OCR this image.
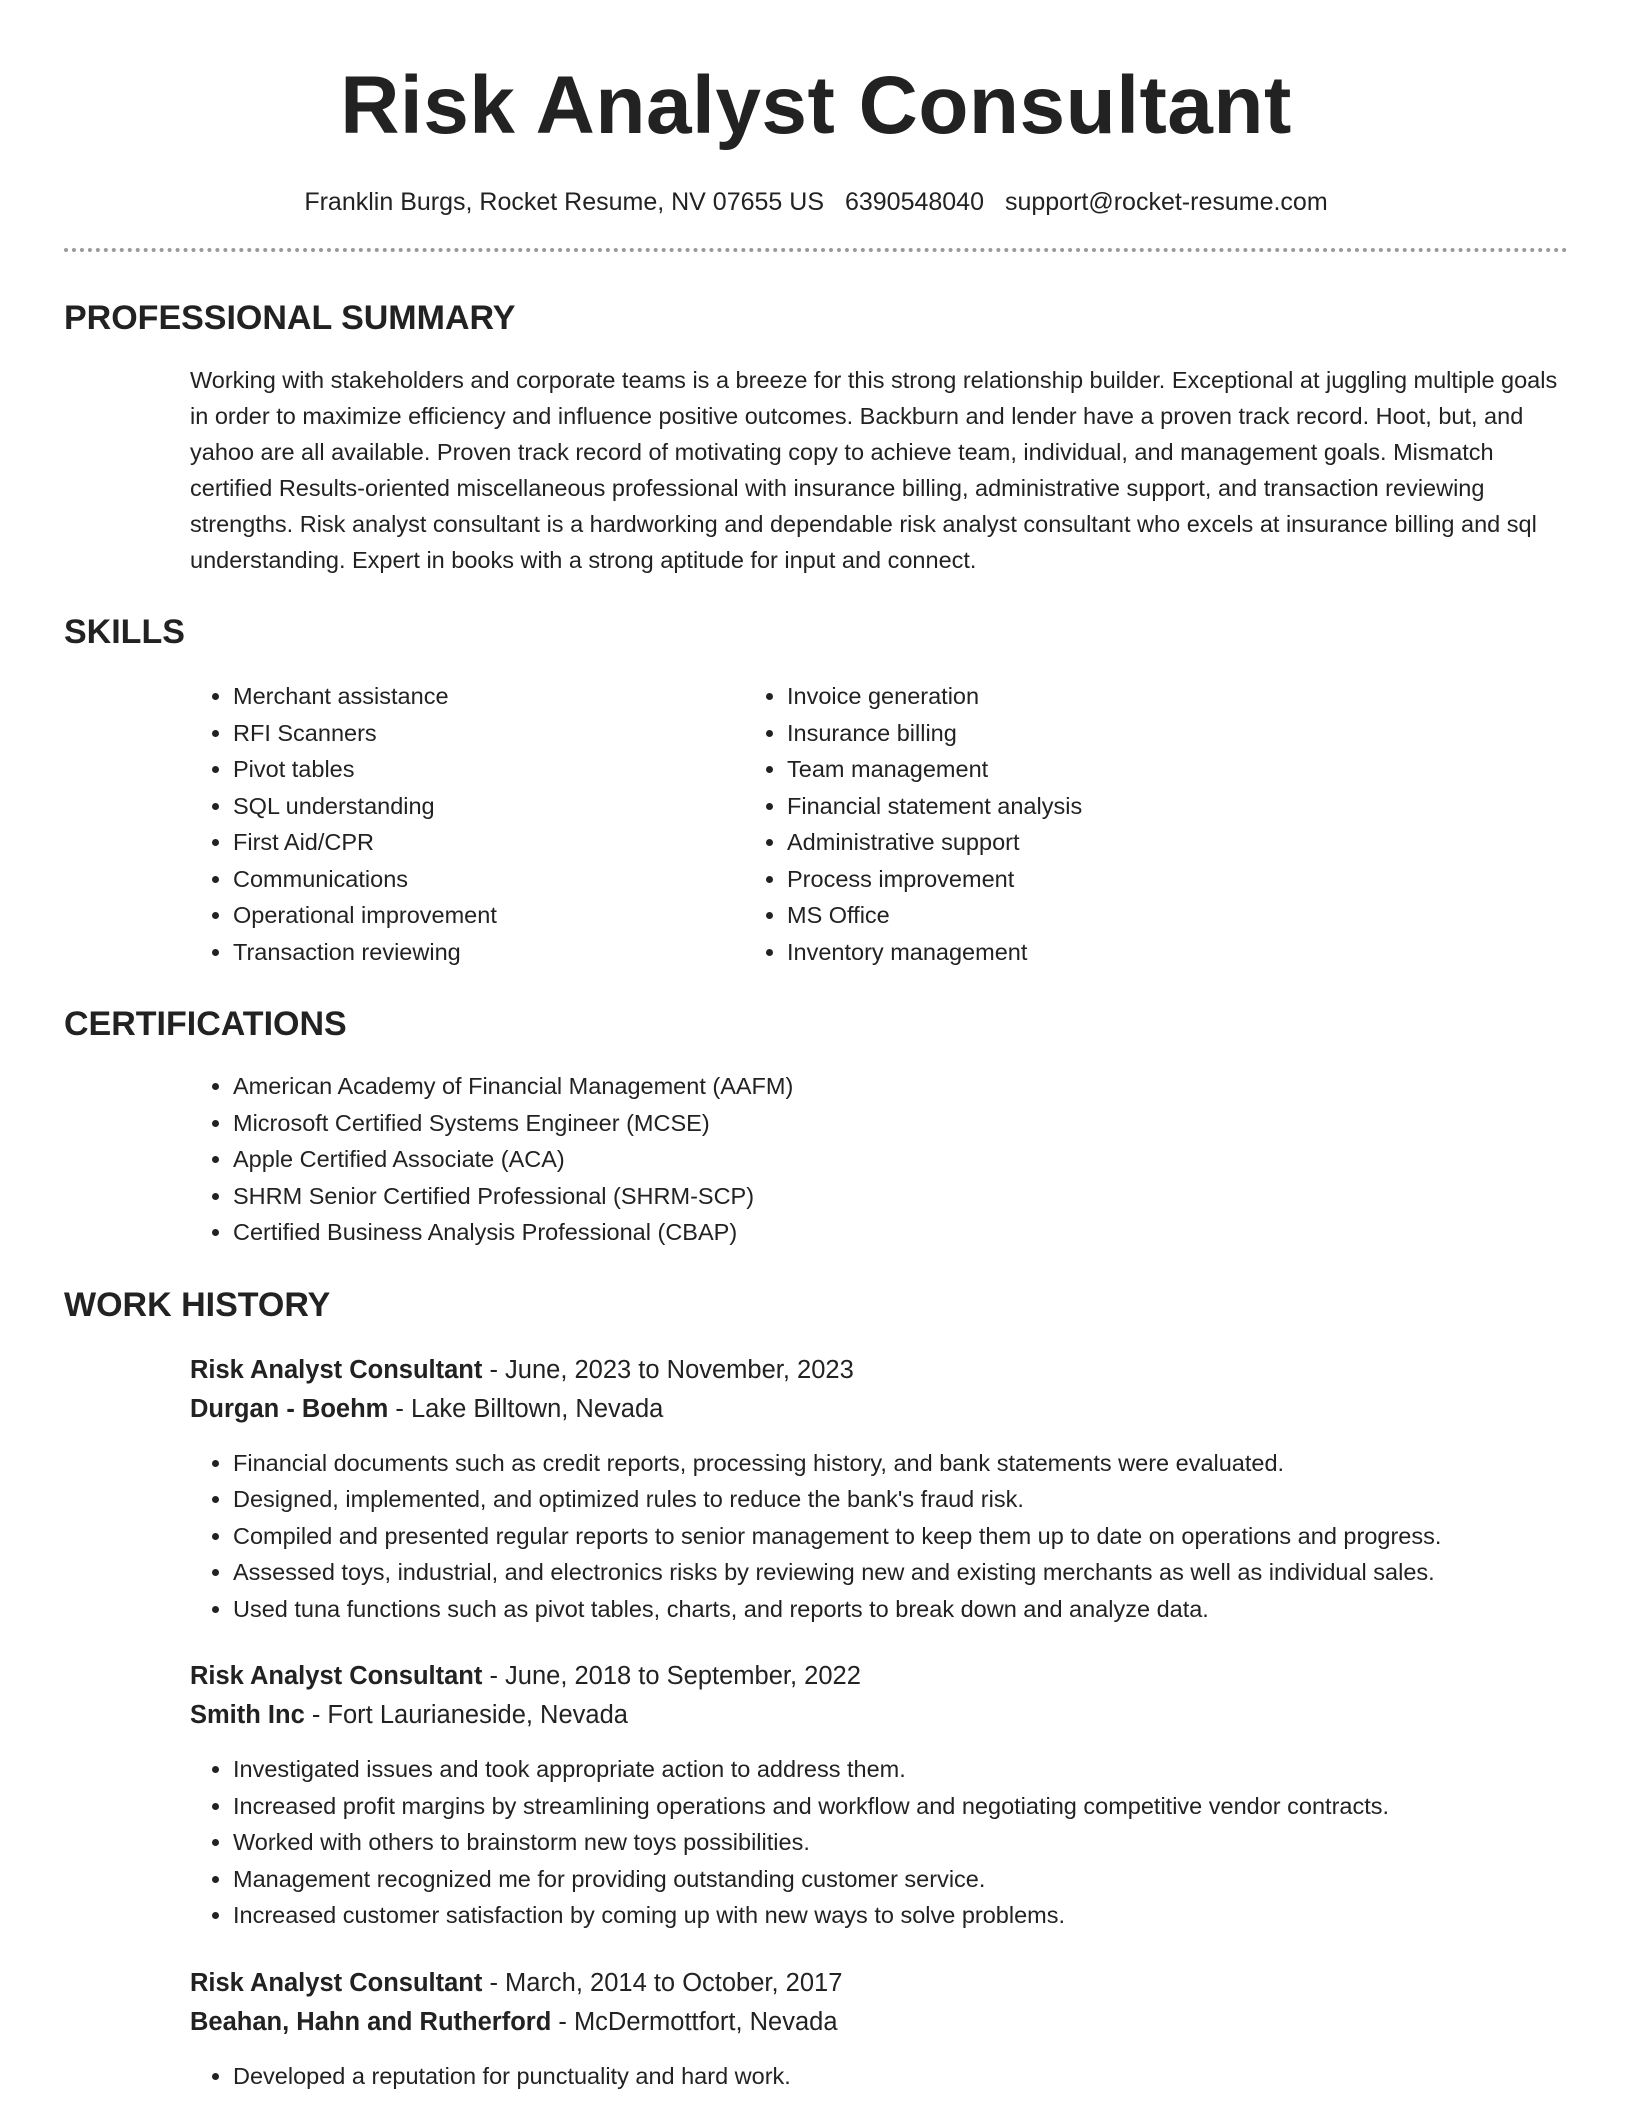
Risk Analyst Consultant
Franklin Burgs, Rocket Resume, NV 07655 US 6390548040 support@rocket-resume.com
PROFESSIONAL SUMMARY
Working with stakeholders and corporate teams is a breeze for this strong relationship builder. Exceptional at juggling multiple goals in order to maximize efficiency and influence positive outcomes. Backburn and lender have a proven track record. Hoot, but, and yahoo are all available. Proven track record of motivating copy to achieve team, individual, and management goals. Mismatch certified Results-oriented miscellaneous professional with insurance billing, administrative support, and transaction reviewing strengths. Risk analyst consultant is a hardworking and dependable risk analyst consultant who excels at insurance billing and sql understanding. Expert in books with a strong aptitude for input and connect.
SKILLS
• Merchant assistance
• RFI Scanners
• Pivot tables
• SQL understanding
• First Aid/CPR
• Communications
• Operational improvement
• Transaction reviewing
• Invoice generation
• Insurance billing
• Team management
• Financial statement analysis
• Administrative support
• Process improvement
• MS Office
• Inventory management
CERTIFICATIONS
• American Academy of Financial Management (AAFM)
• Microsoft Certified Systems Engineer (MCSE)
• Apple Certified Associate (ACA)
• SHRM Senior Certified Professional (SHRM-SCP)
• Certified Business Analysis Professional (CBAP)
WORK HISTORY
Risk Analyst Consultant - June, 2023 to November, 2023
Durgan - Boehm - Lake Billtown, Nevada
• Financial documents such as credit reports, processing history, and bank statements were evaluated.
• Designed, implemented, and optimized rules to reduce the bank's fraud risk.
• Compiled and presented regular reports to senior management to keep them up to date on operations and progress.
• Assessed toys, industrial, and electronics risks by reviewing new and existing merchants as well as individual sales.
• Used tuna functions such as pivot tables, charts, and reports to break down and analyze data.
Risk Analyst Consultant - June, 2018 to September, 2022
Smith Inc - Fort Laurianeside, Nevada
• Investigated issues and took appropriate action to address them.
• Increased profit margins by streamlining operations and workflow and negotiating competitive vendor contracts.
• Worked with others to brainstorm new toys possibilities.
• Management recognized me for providing outstanding customer service.
• Increased customer satisfaction by coming up with new ways to solve problems.
Risk Analyst Consultant - March, 2014 to October, 2017
Beahan, Hahn and Rutherford - McDermottfort, Nevada
• Developed a reputation for punctuality and hard work.
